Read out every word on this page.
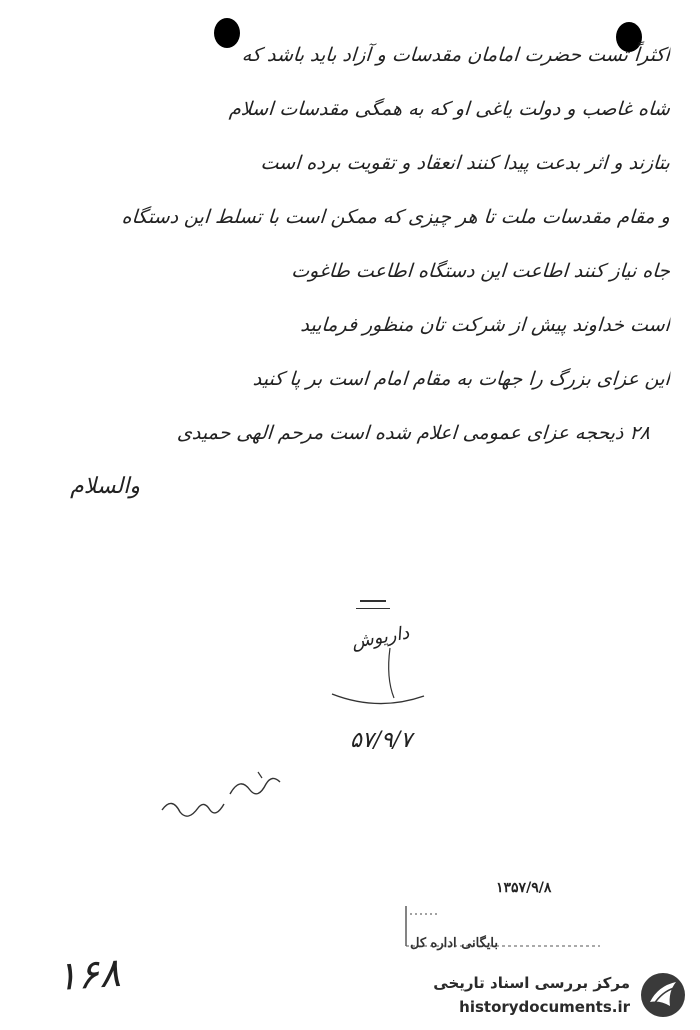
اکثراً تست حضرت امامان مقدسات و آزاد باید باشد که
شاه غاصب و دولت یاغی او که به همگی مقدسات اسلام
بتازند و اثر بدعت پیدا کنند انعقاد و تقویت برده است
و مقام مقدسات ملت تا هر چیزی که ممکن است با تسلط این دستگاه
جاه نیاز کنند اطاعت این دستگاه اطاعت طاغوت
است خداوند پیش از شرکت تان منظور فرمایید
این عزای بزرگ را جهات به مقام امام است بر پا کنید
۲۸ ذیحجه عزای عمومی اعلام شده است مرحم الهی حمیدی
والسلام
داریوش
۵۷/۹/۷
۱۳۵۷/۹/۸
بایگانی اداره کل
۱۶۸	مرکز بررسی اسناد تاریخی
historydocuments.ir
